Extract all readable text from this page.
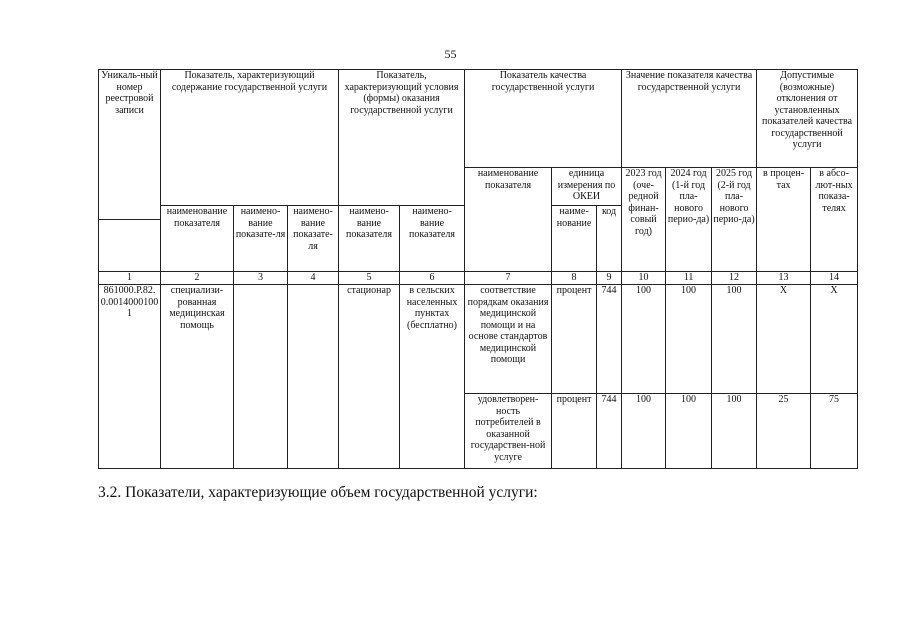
55
Уникаль-ный номер реестровой записи	Показатель, характеризующий содержание государственной услуги			Показатель, характеризующий условия (формы) оказания государственной услуги		Показатель качества государственной услуги			Значение показателя качества государственной услуги			Допустимые (возможные) отклонения от установленных показателей качества государственной услуги	
						наименование показателя	единица измерения по ОКЕИ		2023 год (оче-редной финан-совый год)	2024 год (1-й год пла-нового перио-да)	2025 год (2-й год пла-нового перио-да)	в процен-тах	в абсо-лют-ных показа-телях
	наименование показателя	наимено-вание показате-ля	наимено-вание показате-ля	наимено-вание показателя	наимено-вание показателя		наиме-нование	код					

1	2	3	4	5	6	7	8	9	10	11	12	13	14
861000.Р.82.0.00140001001	специализи-рованная медицинская помощь			стационар	в сельских населенных пунктах (бесплатно)	соответствие порядкам оказания медицинской помощи и на основе стандартов медицинской помощи	процент	744	100	100	100	Х	Х
						удовлетворен-ность потребителей в оказанной государствен-ной услуге	процент	744	100	100	100	25	75
3.2. Показатели, характеризующие объем государственной услуги:
